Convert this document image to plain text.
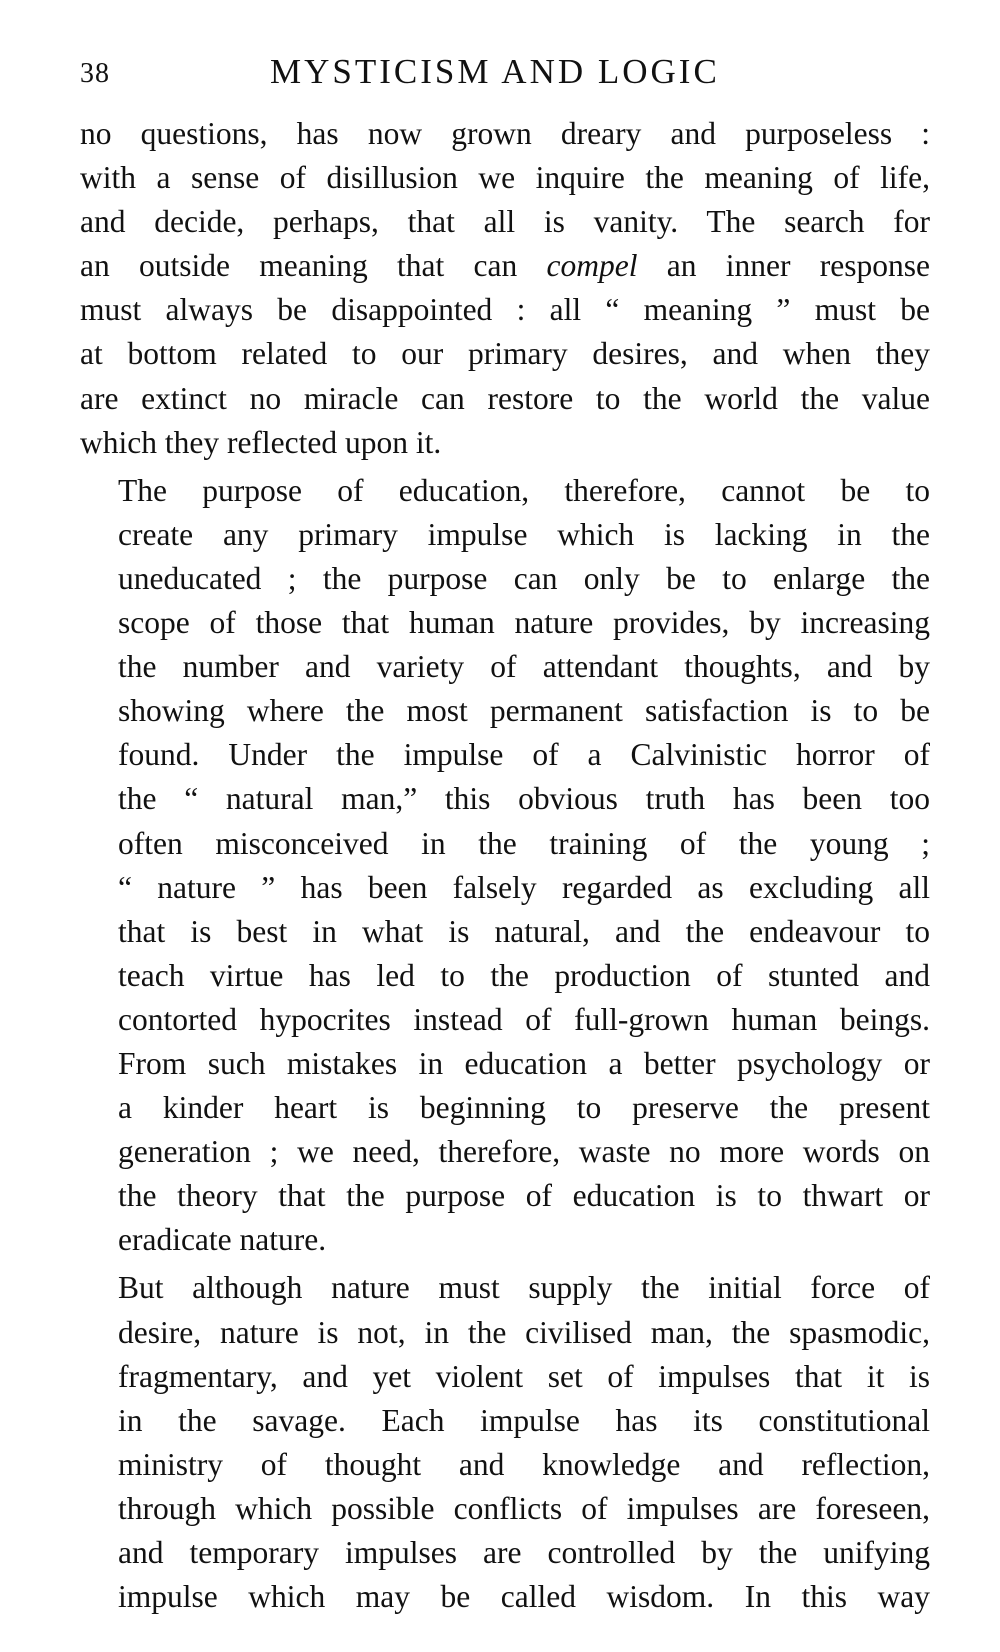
38	MYSTICISM AND LOGIC

no questions, has now grown dreary and purposeless :
with a sense of disillusion we inquire the meaning of life,
and decide, perhaps, that all is vanity. The search for
an outside meaning that can compel an inner response
must always be disappointed : all “ meaning ” must be
at bottom related to our primary desires, and when they
are extinct no miracle can restore to the world the value
which they reflected upon it.

The purpose of education, therefore, cannot be to
create any primary impulse which is lacking in the
uneducated ; the purpose can only be to enlarge the
scope of those that human nature provides, by increasing
the number and variety of attendant thoughts, and by
showing where the most permanent satisfaction is to be
found. Under the impulse of a Calvinistic horror of
the “ natural man,” this obvious truth has been too
often misconceived in the training of the young ;
“ nature ” has been falsely regarded as excluding all
that is best in what is natural, and the endeavour to
teach virtue has led to the production of stunted and
contorted hypocrites instead of full-grown human beings.
From such mistakes in education a better psychology or
a kinder heart is beginning to preserve the present
generation ; we need, therefore, waste no more words on
the theory that the purpose of education is to thwart or
eradicate nature.

But although nature must supply the initial force of
desire, nature is not, in the civilised man, the spasmodic,
fragmentary, and yet violent set of impulses that it is
in the savage. Each impulse has its constitutional
ministry of thought and knowledge and reflection,
through which possible conflicts of impulses are foreseen,
and temporary impulses are controlled by the unifying
impulse which may be called wisdom. In this way
